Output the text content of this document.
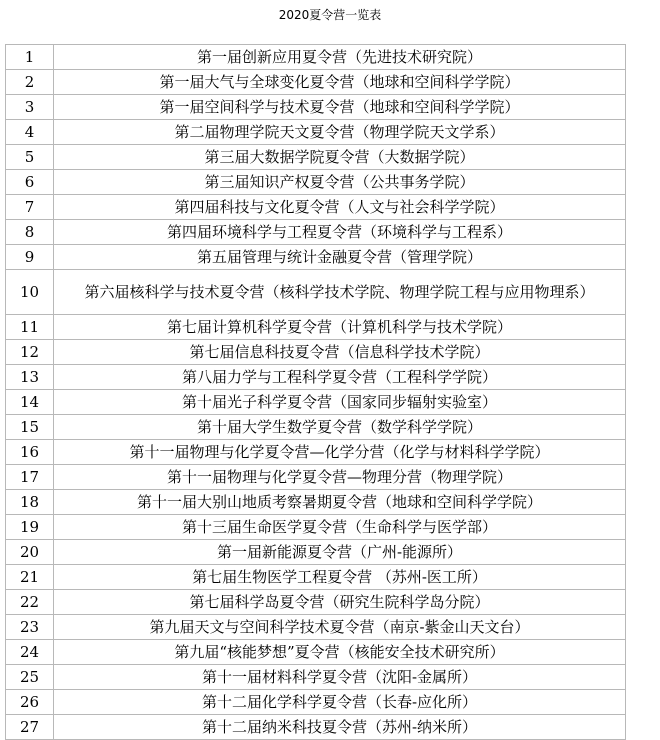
2020夏令营一览表
1	第一届创新应用夏令营（先进技术研究院）
2	第一届大气与全球变化夏令营（地球和空间科学学院）
3	第一届空间科学与技术夏令营（地球和空间科学学院）
4	第二届物理学院天文夏令营（物理学院天文学系）
5	第三届大数据学院夏令营（大数据学院）
6	第三届知识产权夏令营（公共事务学院）
7	第四届科技与文化夏令营（人文与社会科学学院）
8	第四届环境科学与工程夏令营（环境科学与工程系）
9	第五届管理与统计金融夏令营（管理学院）
10	第六届核科学与技术夏令营（核科学技术学院、物理学院工程与应用物理系）
11	第七届计算机科学夏令营（计算机科学与技术学院）
12	第七届信息科技夏令营（信息科学技术学院）
13	第八届力学与工程科学夏令营（工程科学学院）
14	第十届光子科学夏令营（国家同步辐射实验室）
15	第十届大学生数学夏令营（数学科学学院）
16	第十一届物理与化学夏令营—化学分营（化学与材料科学学院）
17	第十一届物理与化学夏令营—物理分营（物理学院）
18	第十一届大别山地质考察暑期夏令营（地球和空间科学学院）
19	第十三届生命医学夏令营（生命科学与医学部）
20	第一届新能源夏令营（广州-能源所）
21	第七届生物医学工程夏令营 （苏州-医工所）
22	第七届科学岛夏令营（研究生院科学岛分院）
23	第九届天文与空间科学技术夏令营（南京-紫金山天文台）
24	第九届“核能梦想”夏令营（核能安全技术研究所）
25	第十一届材料科学夏令营（沈阳-金属所）
26	第十二届化学科学夏令营（长春-应化所）
27	第十二届纳米科技夏令营（苏州-纳米所）
